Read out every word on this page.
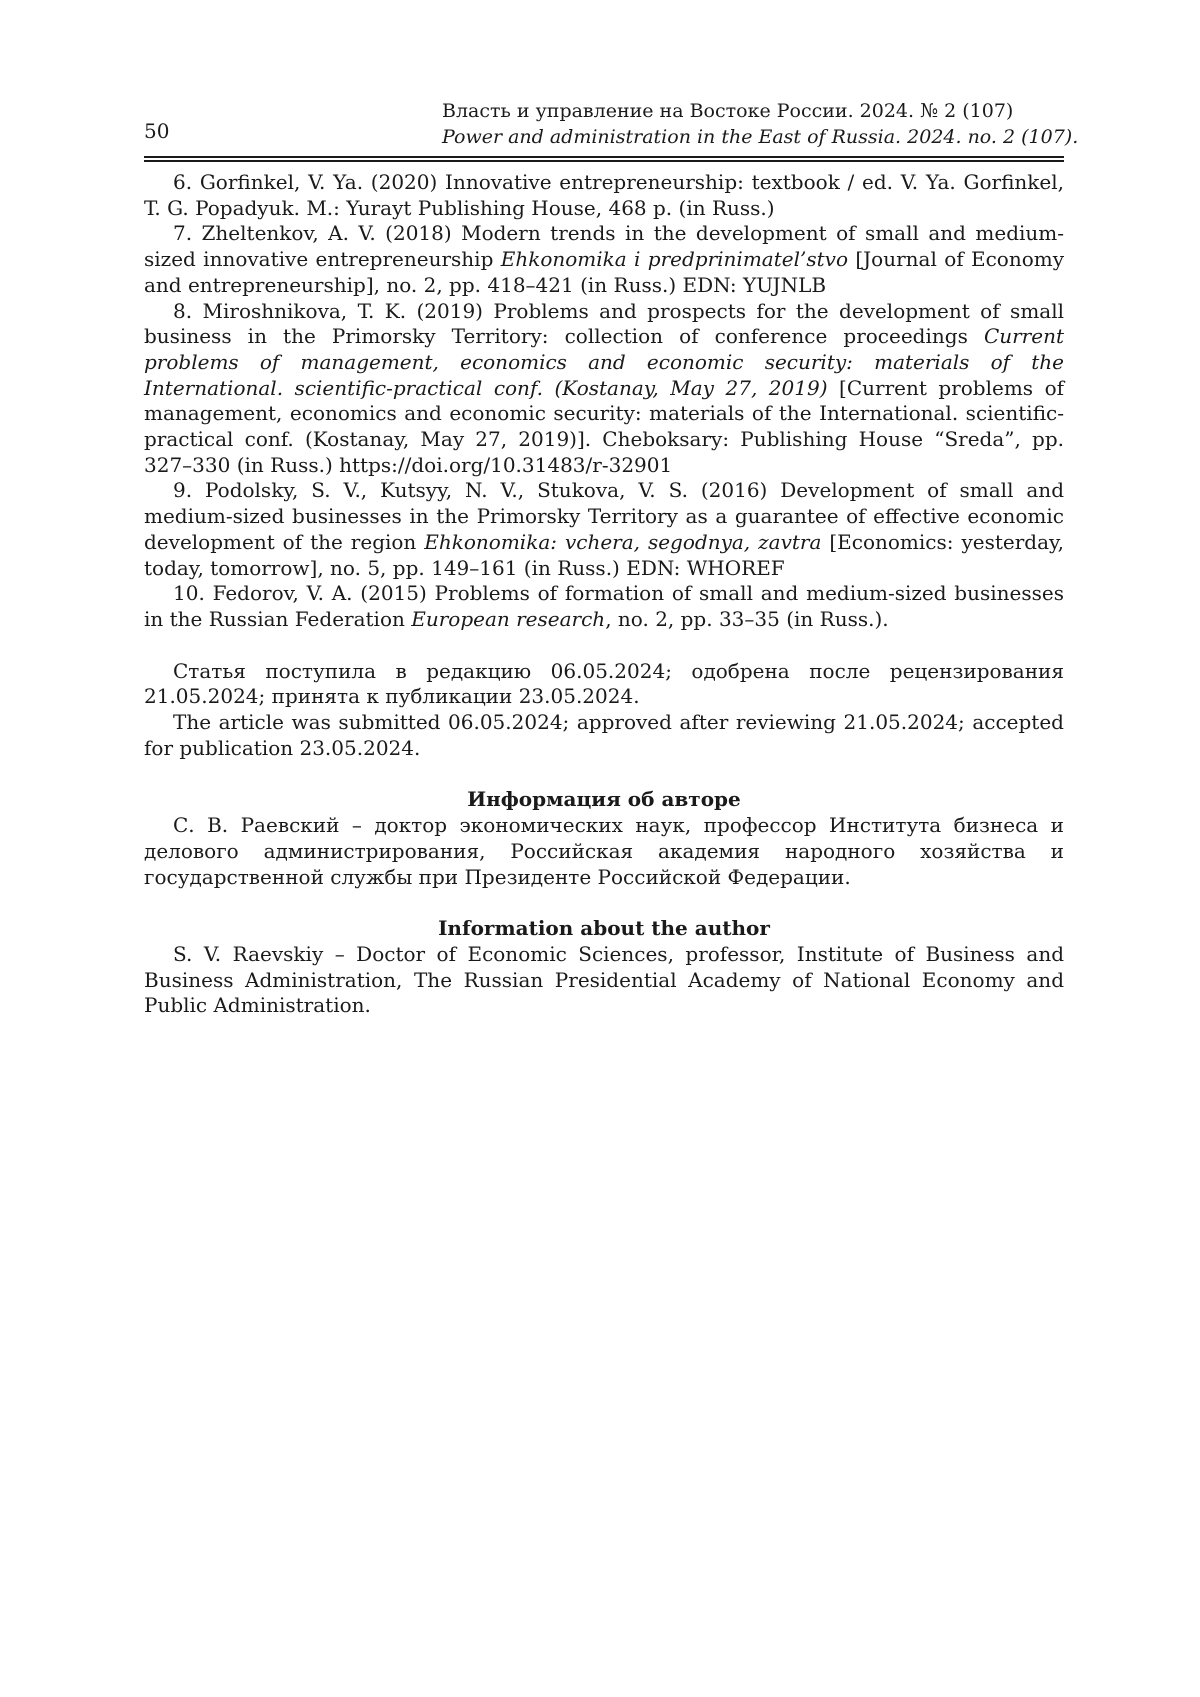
50
Власть и управление на Востоке России. 2024. № 2 (107)
Power and administration in the East of Russia. 2024. no. 2 (107).

6. Gorfinkel, V. Ya. (2020) Innovative entrepreneurship: textbook / ed. V. Ya. Gorfinkel, T. G. Popadyuk. M.: Yurayt Publishing House, 468 p. (in Russ.)

7. Zheltenkov, A. V. (2018) Modern trends in the development of small and medium-sized innovative entrepreneurship Ehkonomika i predprinimatel’stvo [Journal of Economy and entrepreneurship], no. 2, pp. 418–421 (in Russ.) EDN: YUJNLB

8. Miroshnikova, T. K. (2019) Problems and prospects for the development of small business in the Primorsky Territory: collection of conference proceedings Current problems of management, economics and economic security: materials of the International. scientific-practical conf. (Kostanay, May 27, 2019) [Current problems of management, economics and economic security: materials of the International. scientific-practical conf. (Kostanay, May 27, 2019)]. Cheboksary: Publishing House “Sreda”, pp. 327–330 (in Russ.) https://doi.org/10.31483/r-32901

9. Podolsky, S. V., Kutsyy, N. V., Stukova, V. S. (2016) Development of small and medium-sized businesses in the Primorsky Territory as a guarantee of effective economic development of the region Ehkonomika: vchera, segodnya, zavtra [Economics: yesterday, today, tomorrow], no. 5, pp. 149–161 (in Russ.) EDN: WHOREF

10. Fedorov, V. A. (2015) Problems of formation of small and medium-sized businesses in the Russian Federation European research, no. 2, pp. 33–35 (in Russ.).

Статья поступила в редакцию 06.05.2024; одобрена после рецензирования 21.05.2024; принята к публикации 23.05.2024.

The article was submitted 06.05.2024; approved after reviewing 21.05.2024; accepted for publication 23.05.2024.

Информация об авторе

С. В. Раевский – доктор экономических наук, профессор Института бизнеса и делового администрирования, Российская академия народного хозяйства и государственной службы при Президенте Российской Федерации.

Information about the author

S. V. Raevskiy – Doctor of Economic Sciences, professor, Institute of Business and Business Administration, The Russian Presidential Academy of National Economy and Public Administration.
